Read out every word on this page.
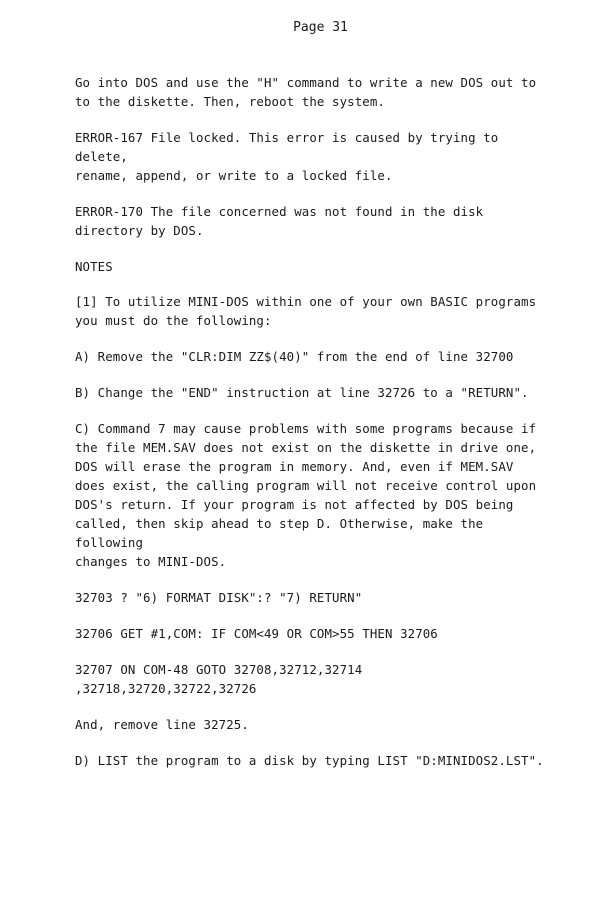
Page 31
Go into DOS and use the "H" command to write a new DOS out to
to the diskette. Then, reboot the system.
ERROR-167 File locked. This error is caused by trying to delete,
rename, append, or write to a locked file.
ERROR-170 The file concerned was not found in the disk
directory by DOS.
NOTES
[1] To utilize MINI-DOS within one of your own BASIC programs
you must do the following:
A) Remove the "CLR:DIM ZZ$(40)" from the end of line 32700
B) Change the "END" instruction at line 32726 to a "RETURN".
C) Command 7 may cause problems with some programs because if
the file MEM.SAV does not exist on the diskette in drive one,
DOS will erase the program in memory. And, even if MEM.SAV
does exist, the calling program will not receive control upon
DOS's return. If your program is not affected by DOS being
called, then skip ahead to step D. Otherwise, make the following
changes to MINI-DOS.
32703 ? "6) FORMAT DISK":? "7) RETURN"
32706 GET #1,COM: IF COM<49 OR COM>55 THEN 32706
32707 ON COM-48 GOTO 32708,32712,32714
,32718,32720,32722,32726
And, remove line 32725.
D) LIST the program to a disk by typing LIST "D:MINIDOS2.LST".
